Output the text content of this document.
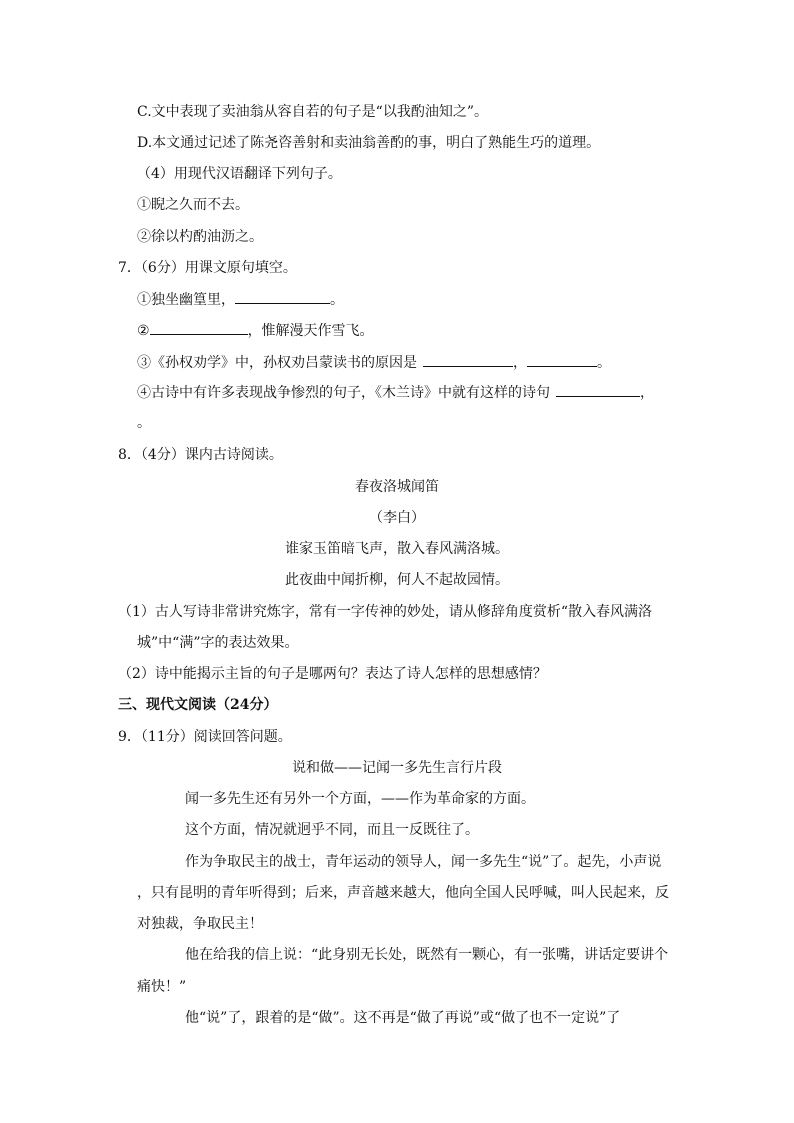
C.文中表现了卖油翁从容自若的句子是“以我酌油知之”。
D.本文通过记述了陈尧咨善射和卖油翁善酌的事，明白了熟能生巧的道理。
（4）用现代汉语翻译下列句子。
①睨之久而不去。
②徐以杓酌油沥之。
7．（6分）用课文原句填空。
①独坐幽篁里，	。
②	，惟解漫天作雪飞。
③《孙权劝学》中，孙权劝吕蒙读书的原因是	，	。
④古诗中有许多表现战争惨烈的句子，《木兰诗》中就有这样的诗句	，
。
8．（4分）课内古诗阅读。
春夜洛城闻笛
（李白）
谁家玉笛暗飞声，散入春风满洛城。
此夜曲中闻折柳，何人不起故园情。
（1）古人写诗非常讲究炼字，常有一字传神的妙处，请从修辞角度赏析“散入春风满洛
城”中“满”字的表达效果。
（2）诗中能揭示主旨的句子是哪两句？表达了诗人怎样的思想感情？
三、现代文阅读（24分）
9．（11分）阅读回答问题。
说和做——记闻一多先生言行片段
闻一多先生还有另外一个方面，——作为革命家的方面。
这个方面，情况就迥乎不同，而且一反既往了。
作为争取民主的战士，青年运动的领导人，闻一多先生“说”了。起先，小声说
，只有昆明的青年听得到；后来，声音越来越大，他向全国人民呼喊，叫人民起来，反
对独裁，争取民主！
他在给我的信上说：“此身别无长处，既然有一颗心，有一张嘴，讲话定要讲个
痛快！”
他“说”了，跟着的是“做”。这不再是“做了再说”或“做了也不一定说”了
